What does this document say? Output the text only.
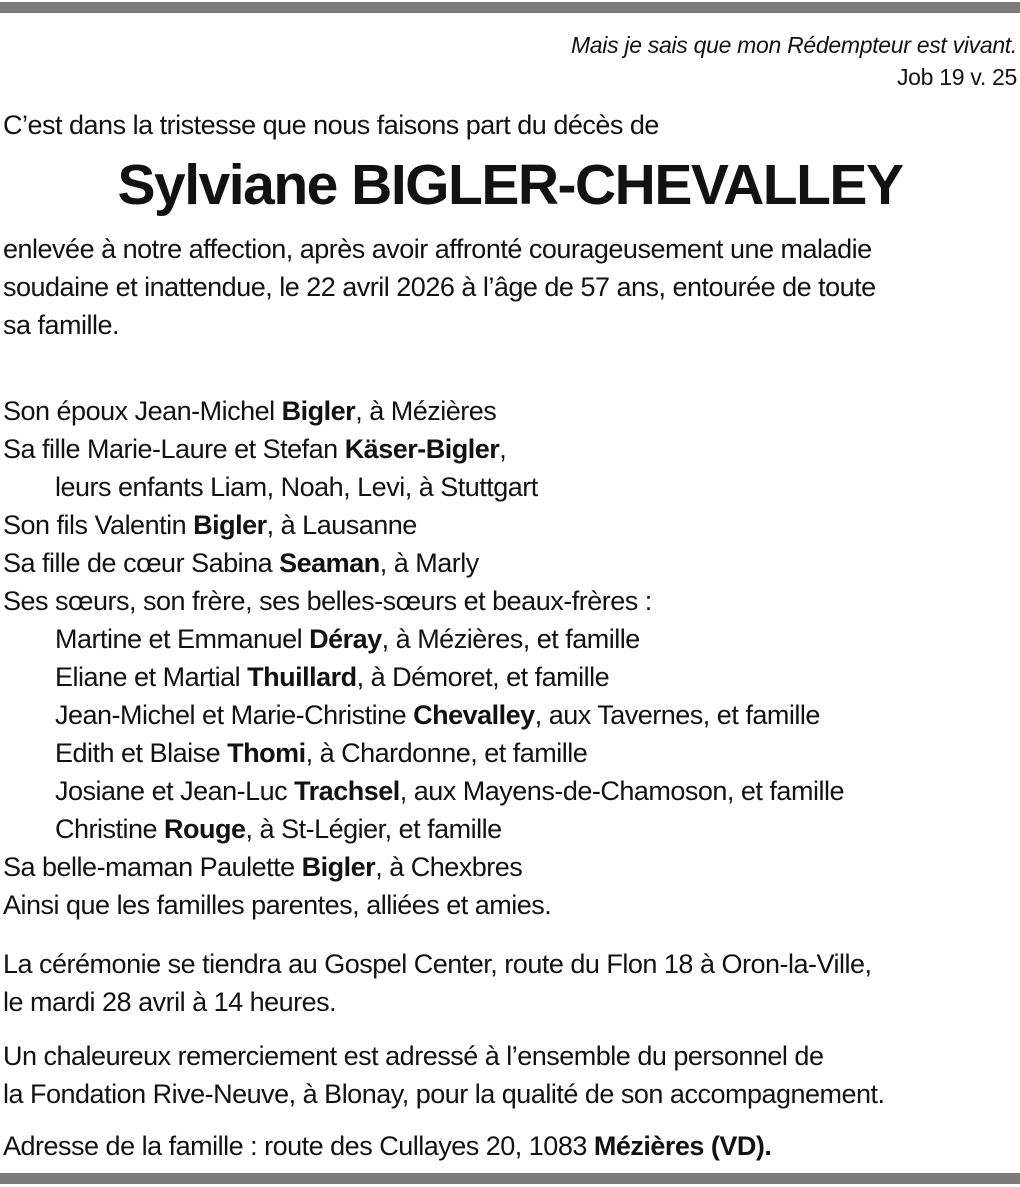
Mais je sais que mon Rédempteur est vivant.
Job 19 v. 25
C’est dans la tristesse que nous faisons part du décès de
Sylviane BIGLER-CHEVALLEY
enlevée à notre affection, après avoir affronté courageusement une maladie
soudaine et inattendue, le 22 avril 2026 à l’âge de 57 ans, entourée de toute
sa famille.
Son époux Jean-Michel Bigler, à Mézières
Sa fille Marie-Laure et Stefan Käser-Bigler,
leurs enfants Liam, Noah, Levi, à Stuttgart
Son fils Valentin Bigler, à Lausanne
Sa fille de cœur Sabina Seaman, à Marly
Ses sœurs, son frère, ses belles-sœurs et beaux-frères :
Martine et Emmanuel Déray, à Mézières, et famille
Eliane et Martial Thuillard, à Démoret, et famille
Jean-Michel et Marie-Christine Chevalley, aux Tavernes, et famille
Edith et Blaise Thomi, à Chardonne, et famille
Josiane et Jean-Luc Trachsel, aux Mayens-de-Chamoson, et famille
Christine Rouge, à St-Légier, et famille
Sa belle-maman Paulette Bigler, à Chexbres
Ainsi que les familles parentes, alliées et amies.
La cérémonie se tiendra au Gospel Center, route du Flon 18 à Oron-la-Ville,
le mardi 28 avril à 14 heures.
Un chaleureux remerciement est adressé à l’ensemble du personnel de
la Fondation Rive-Neuve, à Blonay, pour la qualité de son accompagnement.
Adresse de la famille : route des Cullayes 20, 1083 Mézières (VD).
